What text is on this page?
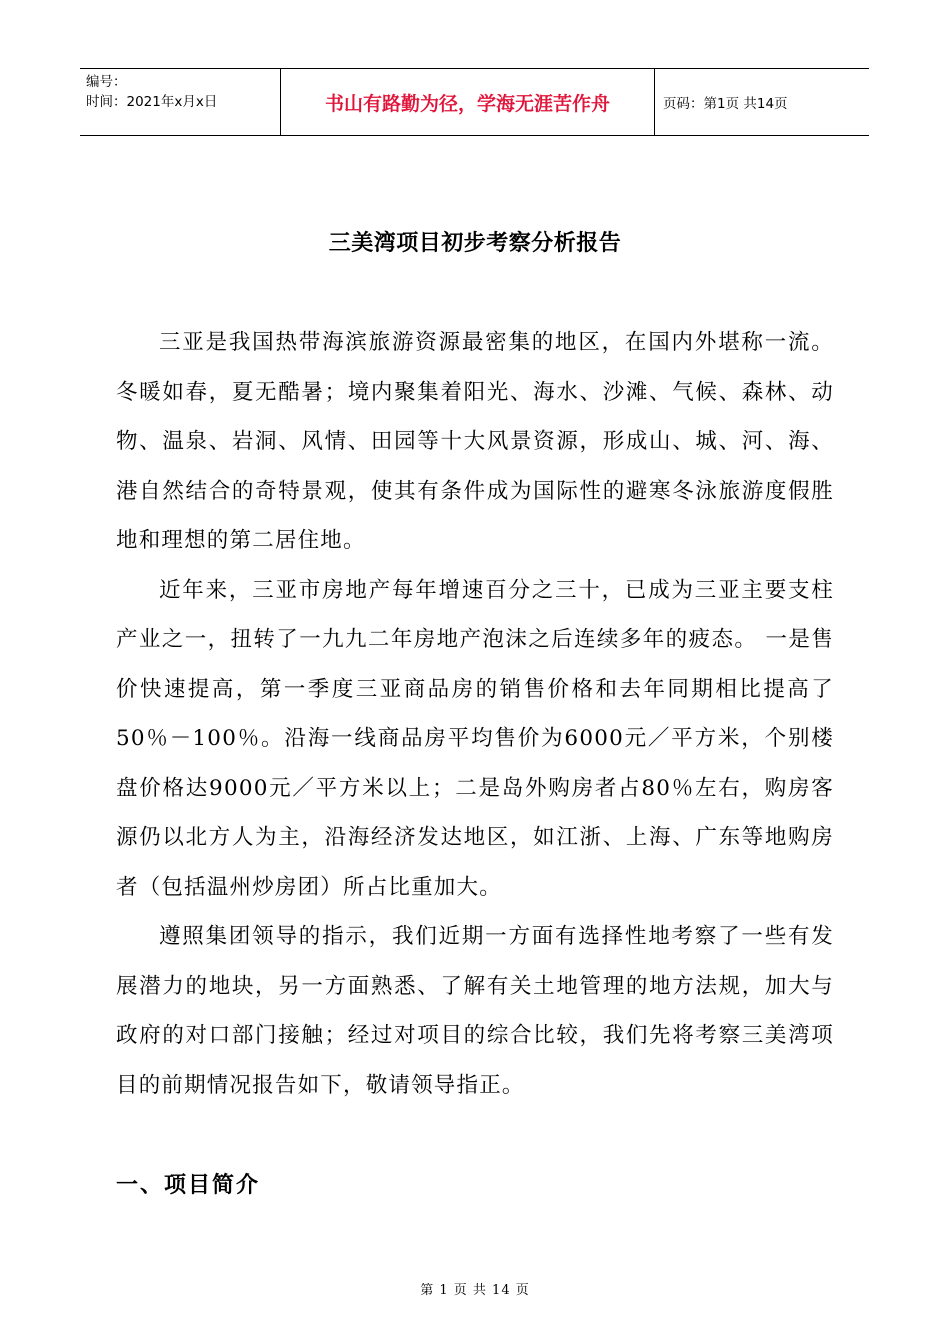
编号：
时间：2021年x月x日	书山有路勤为径，学海无涯苦作舟	页码：第1页 共14页
三美湾项目初步考察分析报告

三亚是我国热带海滨旅游资源最密集的地区，在国内外堪称一流。冬暖如春，夏无酷暑；境内聚集着阳光、海水、沙滩、气候、森林、动物、温泉、岩洞、风情、田园等十大风景资源，形成山、城、河、海、港自然结合的奇特景观，使其有条件成为国际性的避寒冬泳旅游度假胜地和理想的第二居住地。

近年来，三亚市房地产每年增速百分之三十，已成为三亚主要支柱产业之一，扭转了一九九二年房地产泡沫之后连续多年的疲态。 一是售价快速提高，第一季度三亚商品房的销售价格和去年同期相比提高了50％－100％。沿海一线商品房平均售价为6000元／平方米，个别楼盘价格达9000元／平方米以上；二是岛外购房者占80％左右，购房客源仍以北方人为主，沿海经济发达地区，如江浙、上海、广东等地购房者（包括温州炒房团）所占比重加大。

遵照集团领导的指示，我们近期一方面有选择性地考察了一些有发展潜力的地块，另一方面熟悉、了解有关土地管理的地方法规，加大与政府的对口部门接触；经过对项目的综合比较，我们先将考察三美湾项目的前期情况报告如下，敬请领导指正。

一、项目简介
第 1 页 共 14 页
